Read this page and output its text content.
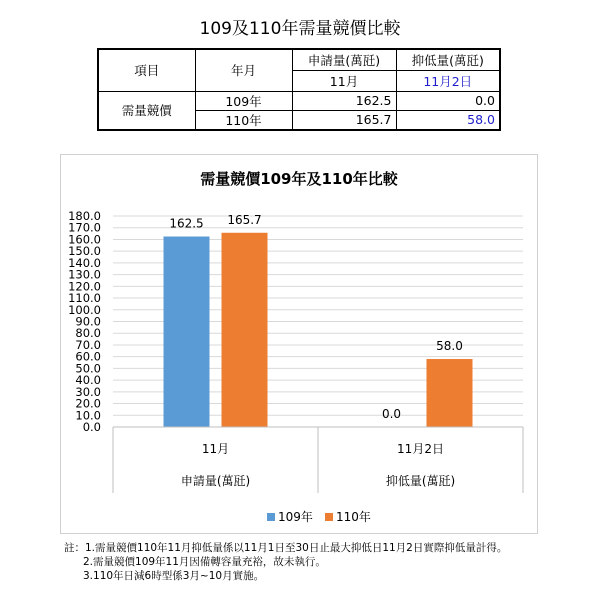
109及110年需量競價比較
項目	年月	申請量(萬瓩)	抑低量(萬瓩)
		11月	11月2日
需量競價	109年	162.5	0.0
	110年	165.7	58.0
需量競價109年及110年比較
0.0
10.0
20.0
30.0
40.0
50.0
60.0
70.0
80.0
90.0
100.0
110.0
120.0
130.0
140.0
150.0
160.0
170.0
180.0
162.5
0.0
165.7
58.0
11月
申請量(萬瓩)
11月2日
抑低量(萬瓩)
109年 110年
註：1.需量競價110年11月抑低量係以11月1日至30日止最大抑低日11月2日實際抑低量計得。
2.需量競價109年11月因備轉容量充裕，故未執行。
3.110年日減6時型係3月~10月實施。
